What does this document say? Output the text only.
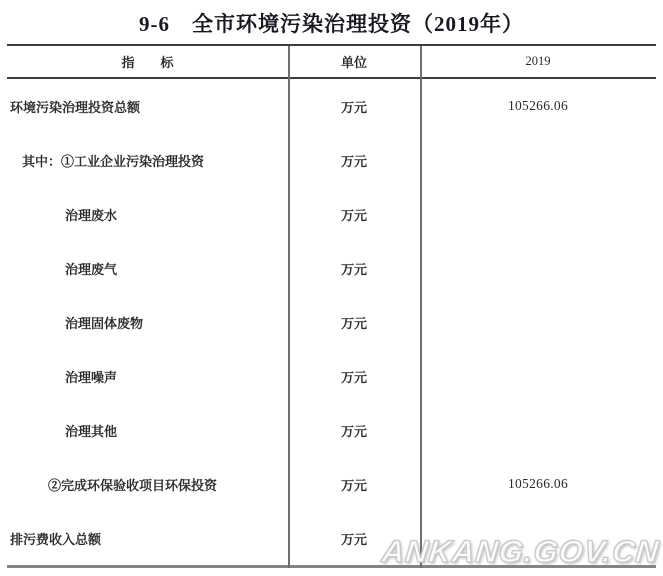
9-6　全市环境污染治理投资（2019年）
指　　标	单位	2019
环境污染治理投资总额	万元	105266.06
其中：①工业企业污染治理投资	万元
治理废水	万元
治理废气	万元
治理固体废物	万元
治理噪声	万元
治理其他	万元
②完成环保验收项目环保投资	万元	105266.06
排污费收入总额	万元 ANKANG.GOV.CN
